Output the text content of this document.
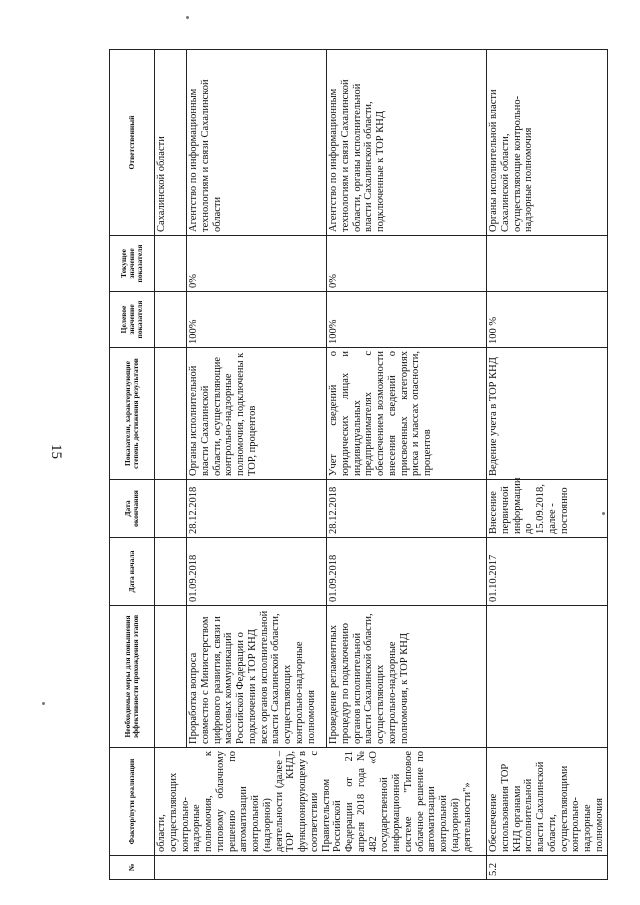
15
№	Фактор/пути реализации	Необходимые меры для повышения эффективности прохождения этапов	Дата начала	Дата окончания	Показатели, характеризующие степень достижения результатов	Целевое значение показателя	Текущее значение показателя	Ответственный
	области, осуществляющих контрольно-надзорные полномочия, к типовому облачному решению по автоматизации контрольной (надзорной) деятельности (далее – ТОР КНД), функционирующему в соответствии с Правительством Российской Федерации от 21 апреля 2018 года № 482 «О государственной информационной системе "Типовое облачное решение по автоматизации контрольной (надзорной) деятельности"»							Сахалинской области
		Проработка вопроса совместно с Министерством цифрового развития, связи и массовых коммуникаций Российской Федерации о подключении к ТОР КНД всех органов исполнительной власти Сахалинской области, осуществляющих контрольно-надзорные полномочия	01.09.2018	28.12.2018	Органы исполнительной власти Сахалинской области, осуществляющие контрольно-надзорные полномочия, подключены к ТОР, процентов	100%	0%	Агентство по информационным технологиям и связи Сахалинской области
		Проведение регламентных процедур по подключению органов исполнительной власти Сахалинской области, осуществляющих контрольно-надзорные полномочия, к ТОР КНД	01.09.2018	28.12.2018	Учет сведений о юридических лицах и индивидуальных предпринимателях с обеспечением возможности внесения сведений о присвоенных категориях риска и классах опасности, процентов	100%	0%	Агентство по информационным технологиям и связи Сахалинской области, органы исполнительной власти Сахалинской области, подключенные к ТОР КНД
5.2	Обеспечение использования ТОР КНД органами исполнительной власти Сахалинской области, осуществляющими контрольно-надзорные полномочия		01.10.2017	Внесение первичной информации до 15.09.2018, далее - постоянно	Ведение учета в ТОР КНД	100 %		Органы исполнительной власти Сахалинской области, осуществляющие контрольно-надзорные полномочия
